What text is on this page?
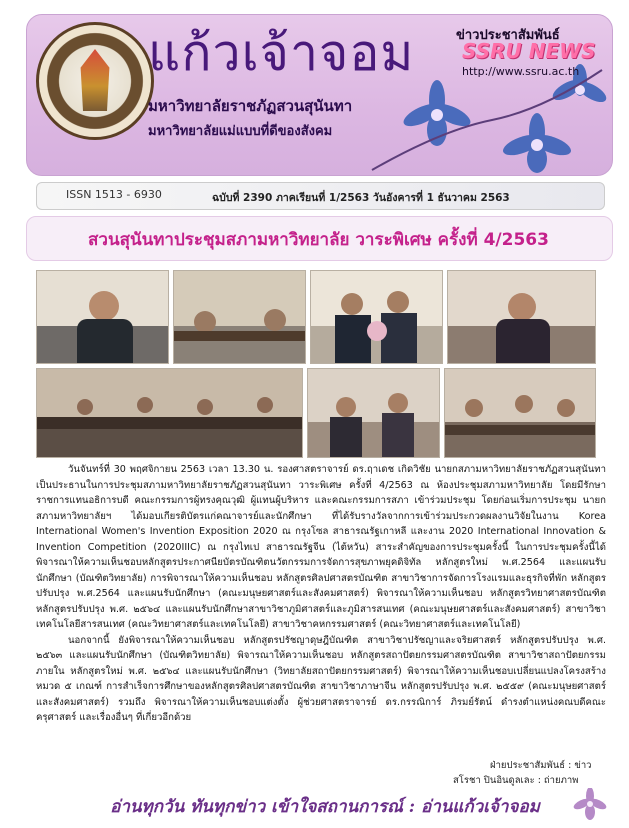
แก้วเจ้าจอม
มหาวิทยาลัยราชภัฏสวนสุนันทา
มหาวิทยาลัยแม่แบบที่ดีของสังคม
ข่าวประชาสัมพันธ์
SSRU NEWS
http://www.ssru.ac.th
ISSN 1513 - 6930	ฉบับที่ 2390 ภาคเรียนที่ 1/2563 วันอังคารที่ 1 ธันวาคม 2563
สวนสุนันทาประชุมสภามหาวิทยาลัย วาระพิเศษ ครั้งที่ 4/2563

วันจันทร์ที่ 30 พฤศจิกายน 2563 เวลา 13.30 น. รองศาสตราจารย์ ดร.ฤาเดช เกิดวิชัย นายกสภามหาวิทยาลัยราชภัฏสวนสุนันทา เป็นประธานในการประชุมสภามหาวิทยาลัยราชภัฏสวนสุนันทา วาระพิเศษ ครั้งที่ 4/2563 ณ ห้องประชุมสภามหาวิทยาลัย โดยมีรักษาราชการแทนอธิการบดี คณะกรรมการผู้ทรงคุณวุฒิ ผู้แทนผู้บริหาร และคณะกรรมการสภา เข้าร่วมประชุม โดยก่อนเริ่มการประชุม นายกสภามหาวิทยาลัยฯ ได้มอบเกียรติบัตรแก่คณาจารย์และนักศึกษา ที่ได้รับรางวัลจากการเข้าร่วมประกวดผลงานวิจัยในงาน Korea International Women's Invention Exposition 2020 ณ กรุงโซล สาธารณรัฐเกาหลี และงาน 2020 International Innovation & Invention Competition (2020IIIC) ณ กรุงไทเป สาธารณรัฐจีน (ไต้หวัน) สาระสำคัญของการประชุมครั้งนี้ ในการประชุมครั้งนี้ได้พิจารณาให้ความเห็นชอบหลักสูตรประกาศนียบัตรบัณฑิตนวัตกรรมการจัดการสุขภาพยุคดิจิทัล หลักสูตรใหม่ พ.ศ.2564 และแผนรับนักศึกษา (บัณฑิตวิทยาลัย) การพิจารณาให้ความเห็นชอบ หลักสูตรศิลปศาสตรบัณฑิต สาขาวิชาการจัดการโรงแรมและธุรกิจที่พัก หลักสูตรปรับปรุง พ.ศ.2564 และแผนรับนักศึกษา (คณะมนุษยศาสตร์และสังคมศาสตร์) พิจารณาให้ความเห็นชอบ หลักสูตรวิทยาศาสตรบัณฑิต หลักสูตรปรับปรุง พ.ศ. ๒๕๖๔ และแผนรับนักศึกษาสาขาวิชาภูมิศาสตร์และภูมิสารสนเทศ (คณะมนุษยศาสตร์และสังคมศาสตร์) สาขาวิชาเทคโนโลยีสารสนเทศ (คณะวิทยาศาสตร์และเทคโนโลยี) สาขาวิชาคหกรรมศาสตร์ (คณะวิทยาศาสตร์และเทคโนโลยี)

นอกจากนี้ ยังพิจารณาให้ความเห็นชอบ หลักสูตรปรัชญาดุษฎีบัณฑิต สาขาวิชาปรัชญาและจริยศาสตร์ หลักสูตรปรับปรุง พ.ศ. ๒๕๖๓ และแผนรับนักศึกษา (บัณฑิตวิทยาลัย) พิจารณาให้ความเห็นชอบ หลักสูตรสถาปัตยกรรมศาสตรบัณฑิต สาขาวิชาสถาปัตยกรรมภายใน หลักสูตรใหม่ พ.ศ. ๒๕๖๔ และแผนรับนักศึกษา (วิทยาลัยสถาปัตยกรรมศาสตร์) พิจารณาให้ความเห็นชอบเปลี่ยนแปลงโครงสร้าง หมวด ๕ เกณฑ์ การสำเร็จการศึกษาของหลักสูตรศิลปศาสตรบัณฑิต สาขาวิชาภาษาจีน หลักสูตรปรับปรุง พ.ศ. ๒๕๕๙ (คณะมนุษยศาสตร์และสังคมศาสตร์) รวมถึง พิจารณาให้ความเห็นชอบแต่งตั้ง ผู้ช่วยศาสตราจารย์ ดร.กรรณิการ์ ภิรมย์รัตน์ ดำรงตำแหน่งคณบดีคณะครุศาสตร์ และเรื่องอื่นๆ ที่เกี่ยวอีกด้วย

ฝ่ายประชาสัมพันธ์ : ข่าว
สโรชา ปินอินดูลเละ : ถ่ายภาพ
อ่านทุกวัน ทันทุกข่าว เข้าใจสถานการณ์ : อ่านแก้วเจ้าจอม
